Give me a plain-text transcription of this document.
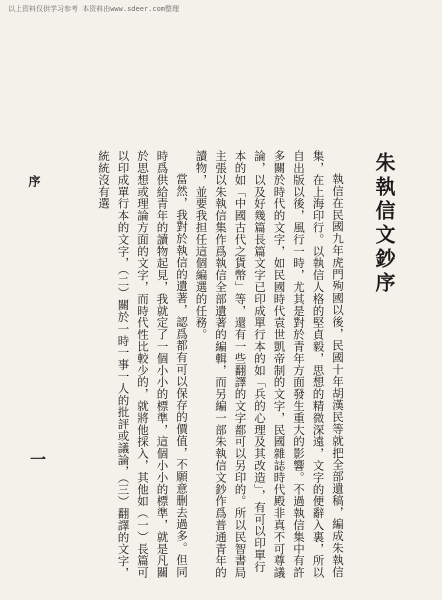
以上资料仅供学习参考 本资料由www.sdeer.com整理
朱執信文鈔序

執信在民國九年虎門殉國以後，民國十年胡漢民等就把全部遺稿，編成朱執信集，在上海印行。以執信人格的堅貞毅，思想的精微深遠，文字的便辭入裏，所以自出版以後，風行一時，尤其是對於青年方面發生重大的影響。不過執信集中有許多關於時代的文字，如民國時代袁世凱帝制的文字，民國雜誌時代殿非真不可尊議論，以及好幾篇長篇文字已印成單行本的如「兵的心理及其改造」，有可以印單行本的如「中國古代之貨幣」等，還有一些翻譯的文字都可以另印的。所以民智書局主張以朱執信集作爲執信全部遺著的編輯，而另編一部朱執信文鈔作爲普通青年的讀物，並要我担任這個編選的任務。

當然，我對於執信的遺著，認爲都有可以保存的價值，不願意删去過多。但同時爲供給青年的讀物起見，我就定了一個小小的標準，這個小小的標準，就是凡關於思想或理論方面的文字，而時代性比較少的，就將他採入，其他如（一）長篇可以印成單行本的文字，（二）關於一時一事一人的批評或議論，（三）翻譯的文字，統統沒有選

序
一
